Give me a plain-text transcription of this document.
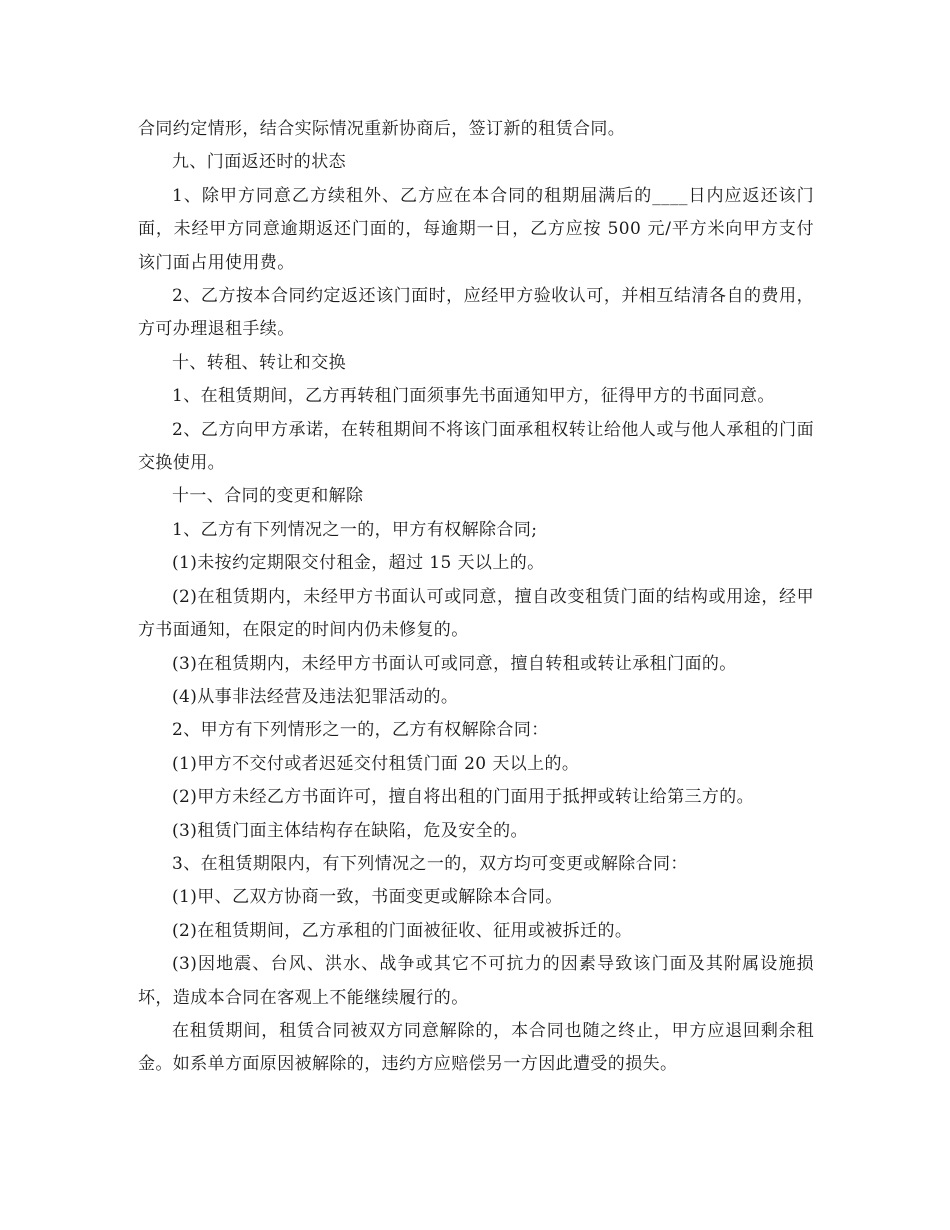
合同约定情形，结合实际情况重新协商后，签订新的租赁合同。

九、门面返还时的状态

1、除甲方同意乙方续租外、乙方应在本合同的租期届满后的____日内应返还该门面，未经甲方同意逾期返还门面的，每逾期一日，乙方应按 500 元/平方米向甲方支付该门面占用使用费。

2、乙方按本合同约定返还该门面时，应经甲方验收认可，并相互结清各自的费用，方可办理退租手续。

十、转租、转让和交换

1、在租赁期间，乙方再转租门面须事先书面通知甲方，征得甲方的书面同意。

2、乙方向甲方承诺，在转租期间不将该门面承租权转让给他人或与他人承租的门面交换使用。

十一、合同的变更和解除

1、乙方有下列情况之一的，甲方有权解除合同;

(1)未按约定期限交付租金，超过 15 天以上的。

(2)在租赁期内，未经甲方书面认可或同意，擅自改变租赁门面的结构或用途，经甲方书面通知，在限定的时间内仍未修复的。

(3)在租赁期内，未经甲方书面认可或同意，擅自转租或转让承租门面的。

(4)从事非法经营及违法犯罪活动的。

2、甲方有下列情形之一的，乙方有权解除合同：

(1)甲方不交付或者迟延交付租赁门面 20 天以上的。

(2)甲方未经乙方书面许可，擅自将出租的门面用于抵押或转让给第三方的。

(3)租赁门面主体结构存在缺陷，危及安全的。

3、在租赁期限内，有下列情况之一的，双方均可变更或解除合同：

(1)甲、乙双方协商一致，书面变更或解除本合同。

(2)在租赁期间，乙方承租的门面被征收、征用或被拆迁的。

(3)因地震、台风、洪水、战争或其它不可抗力的因素导致该门面及其附属设施损坏，造成本合同在客观上不能继续履行的。

在租赁期间，租赁合同被双方同意解除的，本合同也随之终止，甲方应退回剩余租金。如系单方面原因被解除的，违约方应赔偿另一方因此遭受的损失。
